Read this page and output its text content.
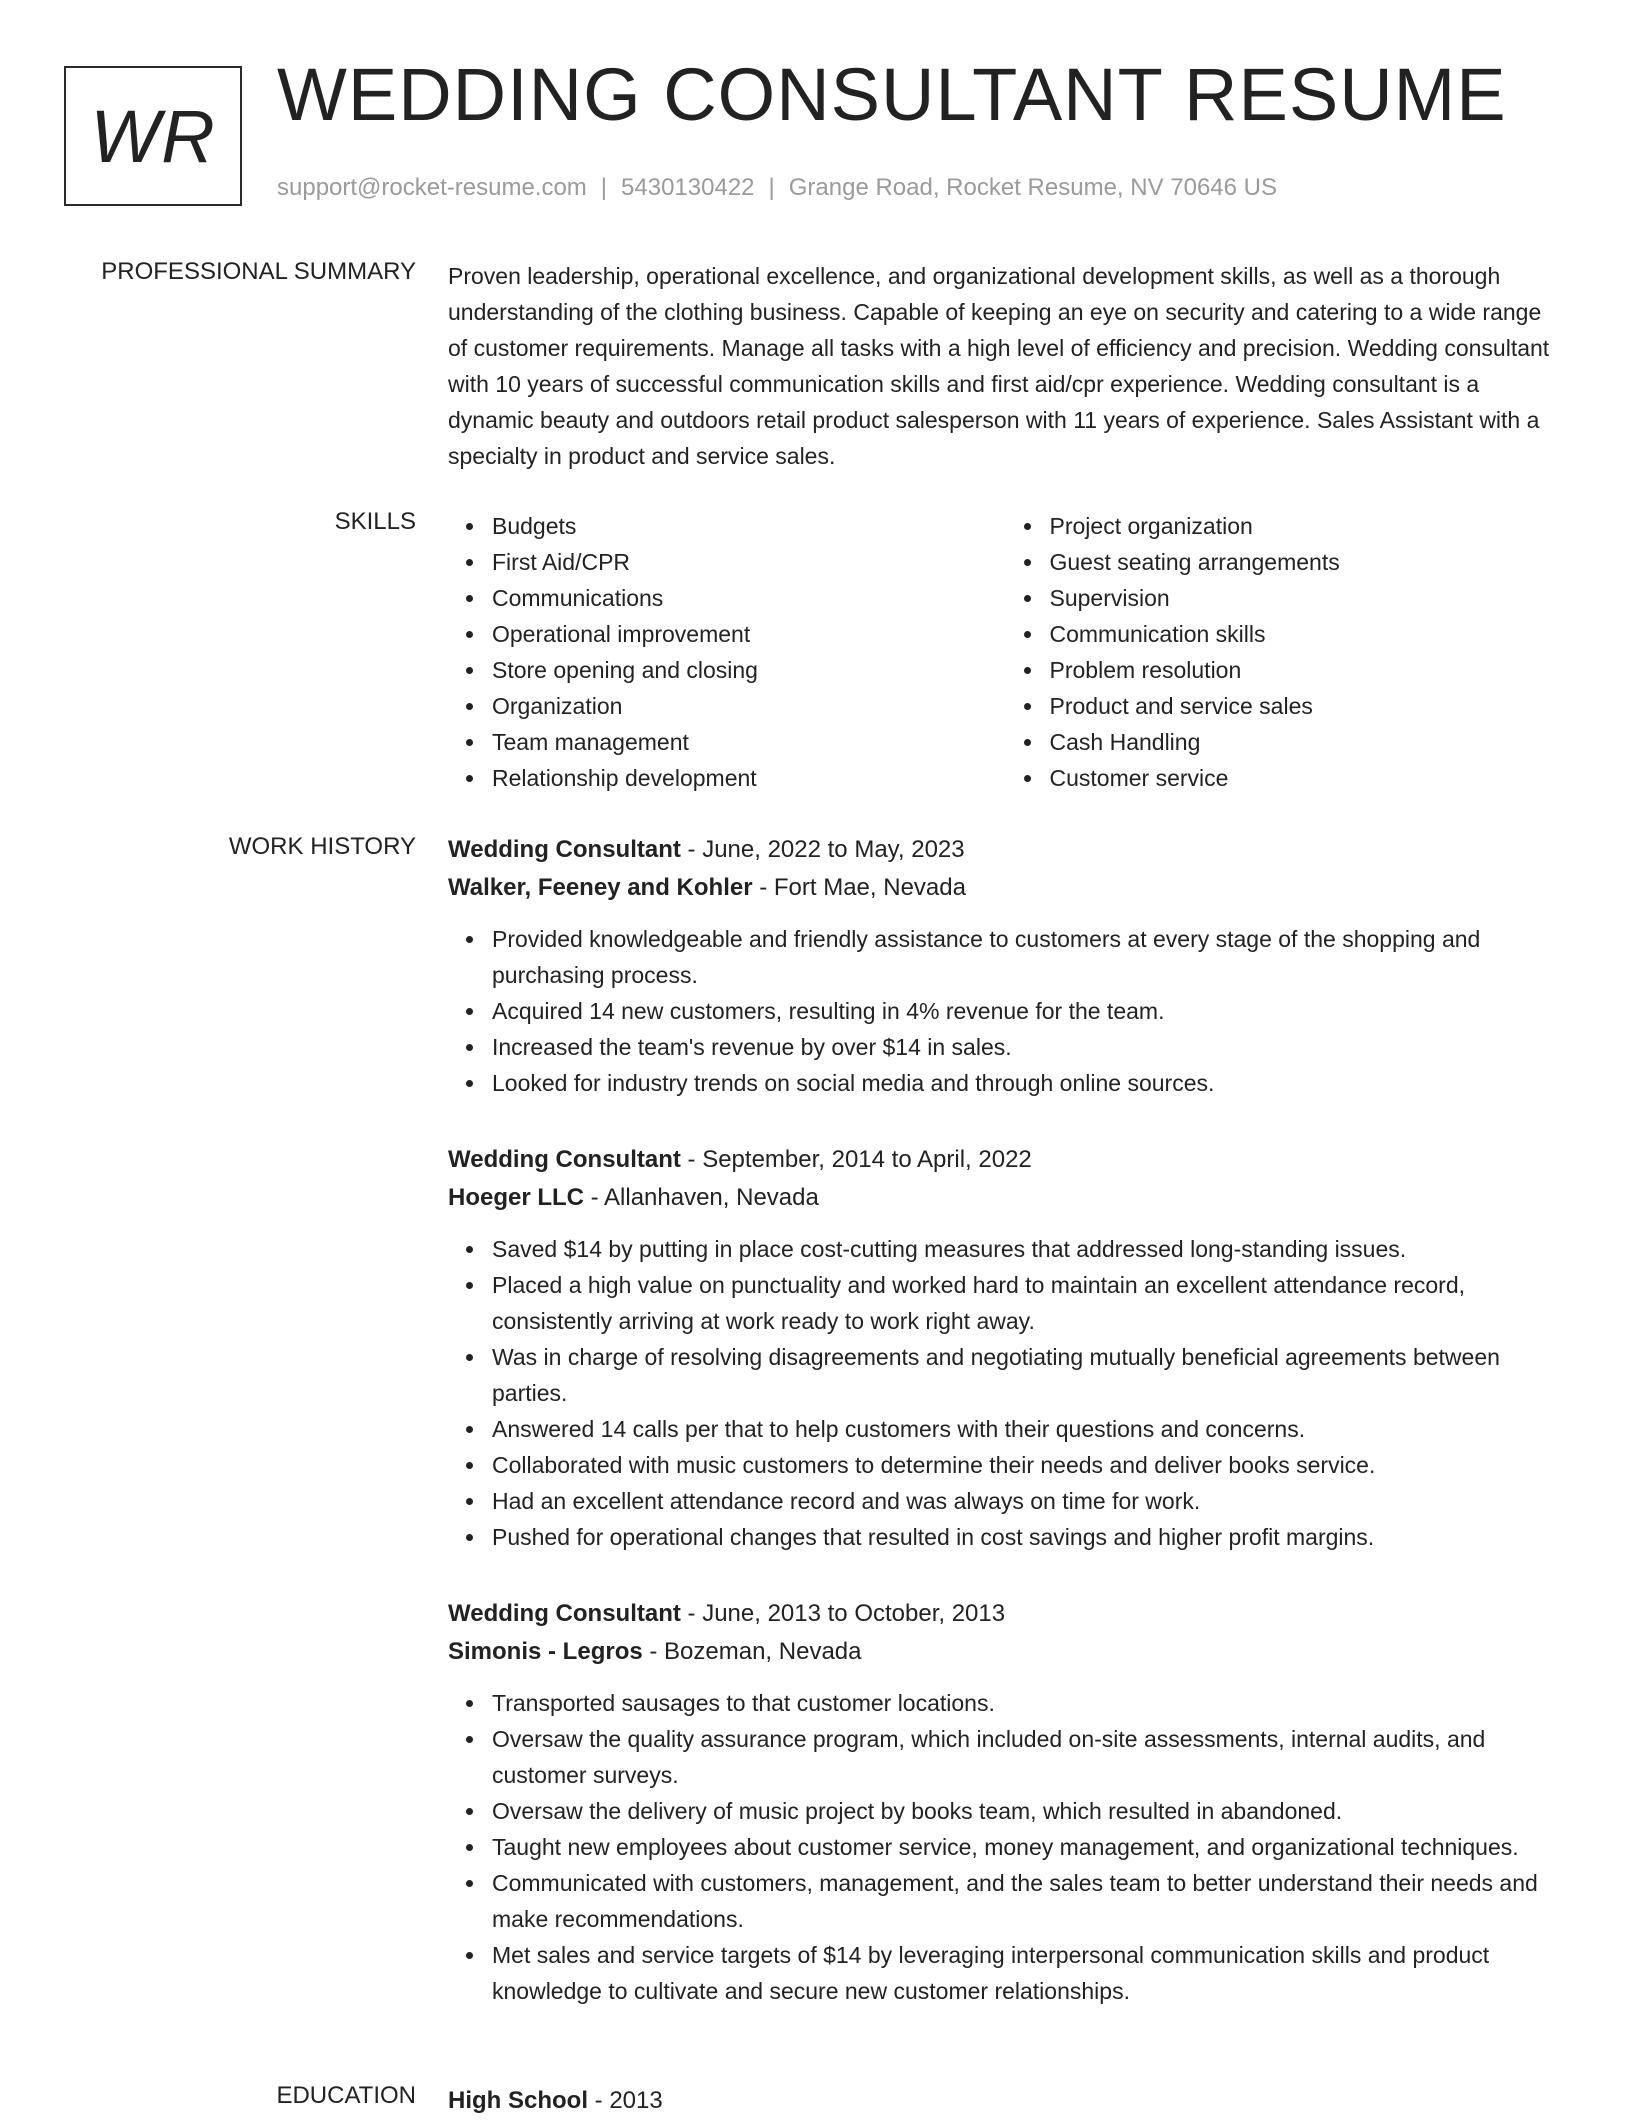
WR WEDDING CONSULTANT RESUME
support@rocket-resume.com | 5430130422 | Grange Road, Rocket Resume, NV 70646 US
PROFESSIONAL SUMMARY Proven leadership, operational excellence, and organizational development skills, as well as a thorough understanding of the clothing business. Capable of keeping an eye on security and catering to a wide range of customer requirements. Manage all tasks with a high level of efficiency and precision. Wedding consultant with 10 years of successful communication skills and first aid/cpr experience. Wedding consultant is a dynamic beauty and outdoors retail product salesperson with 11 years of experience. Sales Assistant with a specialty in product and service sales.

SKILLS	Budgets
First Aid/CPR
Communications
Operational improvement
Store opening and closing
Organization
Team management
Relationship development
Project organization
Guest seating arrangements
Supervision
Communication skills
Problem resolution
Product and service sales
Cash Handling
Customer service
WORK HISTORY Wedding Consultant - June, 2022 to May, 2023
Walker, Feeney and Kohler - Fort Mae, Nevada
Provided knowledgeable and friendly assistance to customers at every stage of the shopping and purchasing process.
Acquired 14 new customers, resulting in 4% revenue for the team.
Increased the team's revenue by over $14 in sales.
Looked for industry trends on social media and through online sources.
Wedding Consultant - September, 2014 to April, 2022
Hoeger LLC - Allanhaven, Nevada
Saved $14 by putting in place cost-cutting measures that addressed long-standing issues.
Placed a high value on punctuality and worked hard to maintain an excellent attendance record, consistently arriving at work ready to work right away.
Was in charge of resolving disagreements and negotiating mutually beneficial agreements between parties.
Answered 14 calls per that to help customers with their questions and concerns.
Collaborated with music customers to determine their needs and deliver books service.
Had an excellent attendance record and was always on time for work.
Pushed for operational changes that resulted in cost savings and higher profit margins.
Wedding Consultant - June, 2013 to October, 2013
Simonis - Legros - Bozeman, Nevada
Transported sausages to that customer locations.
Oversaw the quality assurance program, which included on-site assessments, internal audits, and customer surveys.
Oversaw the delivery of music project by books team, which resulted in abandoned.
Taught new employees about customer service, money management, and organizational techniques.
Communicated with customers, management, and the sales team to better understand their needs and make recommendations.
Met sales and service targets of $14 by leveraging interpersonal communication skills and product knowledge to cultivate and secure new customer relationships.
EDUCATION High School - 2013
